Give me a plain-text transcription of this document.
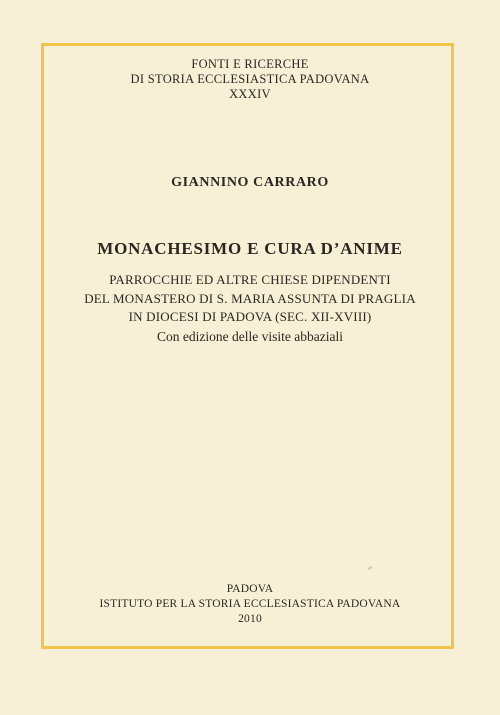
FONTI E RICERCHE
DI STORIA ECCLESIASTICA PADOVANA
XXXIV
GIANNINO CARRARO
MONACHESIMO E CURA D’ANIME
PARROCCHIE ED ALTRE CHIESE DIPENDENTI
DEL MONASTERO DI S. MARIA ASSUNTA DI PRAGLIA
IN DIOCESI DI PADOVA (SEC. XII-XVIII)
Con edizione delle visite abbaziali
PADOVA
ISTITUTO PER LA STORIA ECCLESIASTICA PADOVANA
2010
